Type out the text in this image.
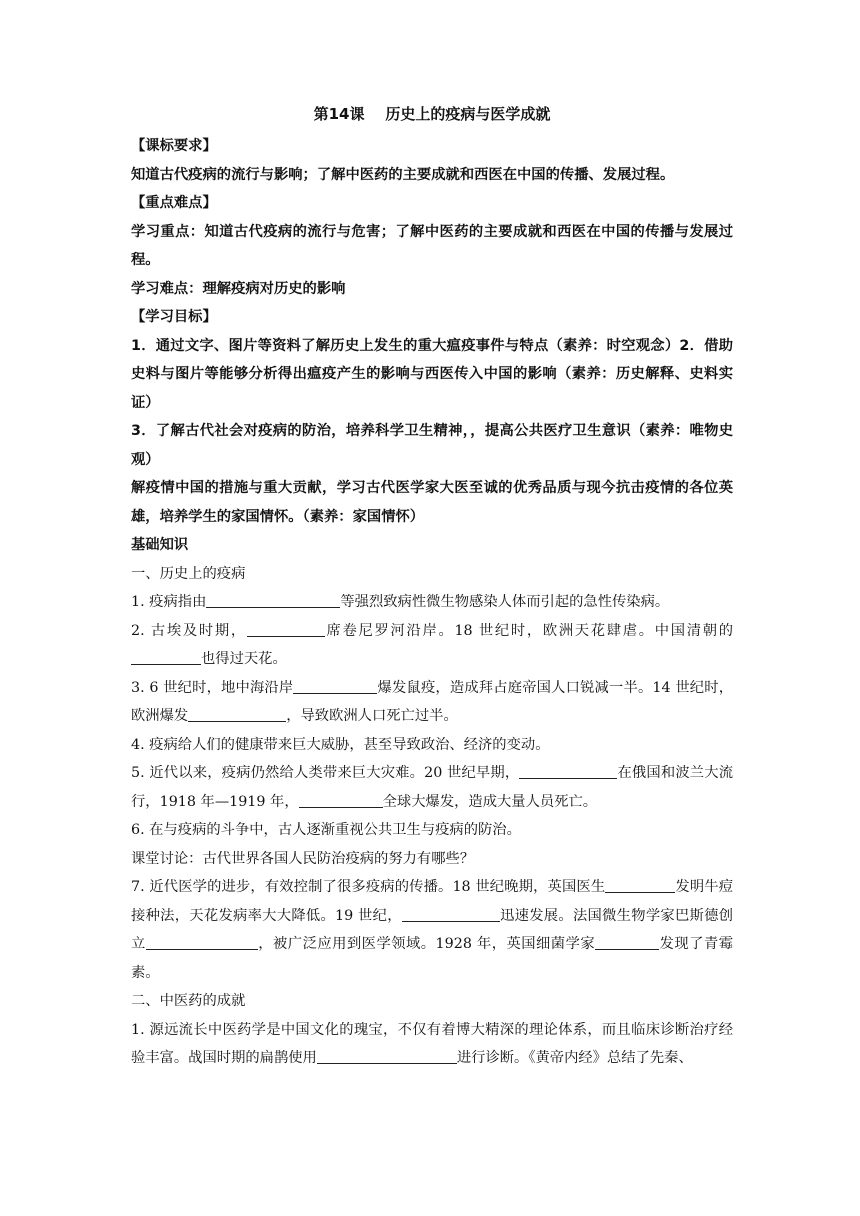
第14课    历史上的疫病与医学成就

【课标要求】

知道古代疫病的流行与影响；了解中医药的主要成就和西医在中国的传播、发展过程。

【重点难点】

学习重点：知道古代疫病的流行与危害；了解中医药的主要成就和西医在中国的传播与发展过程。

学习难点：理解疫病对历史的影响

【学习目标】

1．通过文字、图片等资料了解历史上发生的重大瘟疫事件与特点（素养：时空观念）2．借助史料与图片等能够分析得出瘟疫产生的影响与西医传入中国的影响（素养：历史解释、史料实证）

3．了解古代社会对疫病的防治，培养科学卫生精神，，提高公共医疗卫生意识（素养：唯物史观）

解疫情中国的措施与重大贡献，学习古代医学家大医至诚的优秀品质与现今抗击疫情的各位英雄，培养学生的家国情怀。（素养：家国情怀）

基础知识

一、历史上的疫病

1. 疫病指由	等强烈致病性微生物感染人体而引起的急性传染病。

2. 古埃及时期，	席卷尼罗河沿岸。18 世纪时，欧洲天花肆虐。中国清朝的也得过天花。

3. 6 世纪时，地中海沿岸	爆发鼠疫，造成拜占庭帝国人口锐减一半。14 世纪时，欧洲爆发	，导致欧洲人口死亡过半。

4. 疫病给人们的健康带来巨大威胁，甚至导致政治、经济的变动。

5. 近代以来，疫病仍然给人类带来巨大灾难。20 世纪早期，	在俄国和波兰大流行，1918 年—1919 年，	全球大爆发，造成大量人员死亡。

6. 在与疫病的斗争中，古人逐渐重视公共卫生与疫病的防治。

课堂讨论：古代世界各国人民防治疫病的努力有哪些？

7. 近代医学的进步，有效控制了很多疫病的传播。18 世纪晚期，英国医生	发明牛痘接种法，天花发病率大大降低。19 世纪，	迅速发展。法国微生物学家巴斯德创立	，被广泛应用到医学领域。1928 年，英国细菌学家	发现了青霉素。

二、中医药的成就

1. 源远流长中医药学是中国文化的瑰宝，不仅有着博大精深的理论体系，而且临床诊断治疗经验丰富。战国时期的扁鹊使用	进行诊断。《黄帝内经》总结了先秦、
